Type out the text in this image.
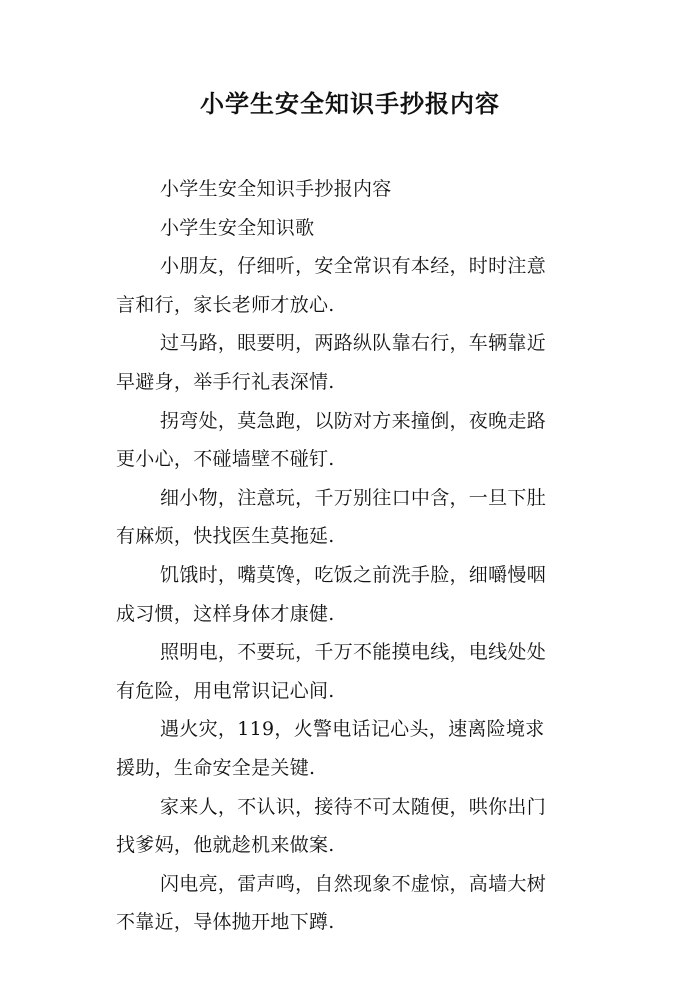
小学生安全知识手抄报内容

小学生安全知识手抄报内容

小学生安全知识歌

小朋友，仔细听，安全常识有本经，时时注意
言和行，家长老师才放心.

过马路，眼要明，两路纵队靠右行，车辆靠近
早避身，举手行礼表深情.

拐弯处，莫急跑，以防对方来撞倒，夜晚走路
更小心，不碰墙壁不碰钉.

细小物，注意玩，千万别往口中含，一旦下肚
有麻烦，快找医生莫拖延.

饥饿时，嘴莫馋，吃饭之前洗手脸，细嚼慢咽
成习惯，这样身体才康健.

照明电，不要玩，千万不能摸电线，电线处处
有危险，用电常识记心间.

遇火灾，119，火警电话记心头，速离险境求
援助，生命安全是关键.

家来人，不认识，接待不可太随便，哄你出门
找爹妈，他就趁机来做案.

闪电亮，雷声鸣，自然现象不虚惊，高墙大树
不靠近，导体抛开地下蹲.
